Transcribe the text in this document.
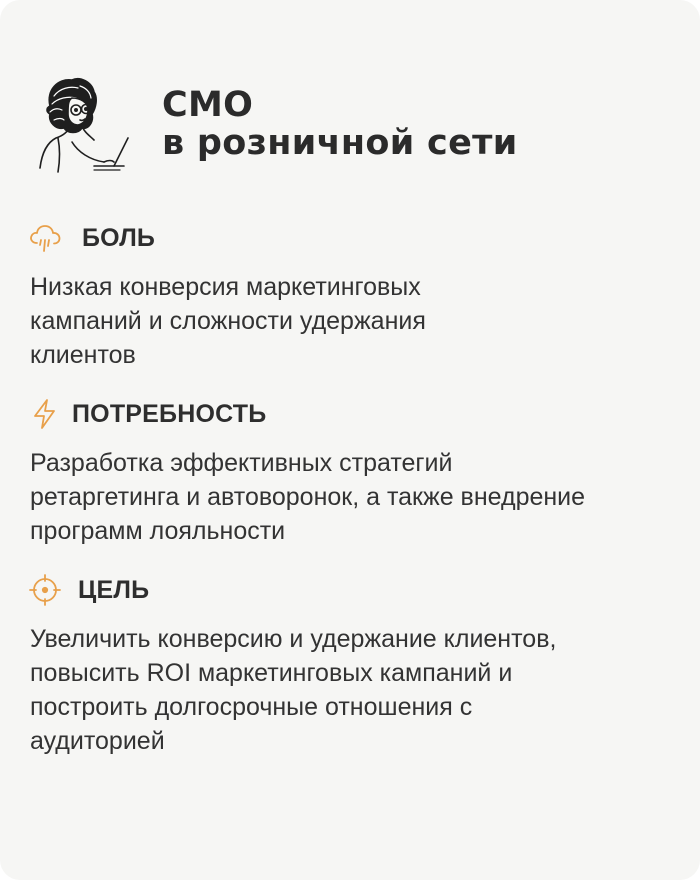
CMO
в розничной сети
БОЛЬ

Низкая конверсия маркетинговых
кампаний и сложности удержания
клиентов

ПОТРЕБНОСТЬ

Разработка эффективных стратегий
ретаргетинга и автоворонок, а также внедрение
программ лояльности

ЦЕЛЬ

Увеличить конверсию и удержание клиентов,
повысить ROI маркетинговых кампаний и
построить долгосрочные отношения с
аудиторией
